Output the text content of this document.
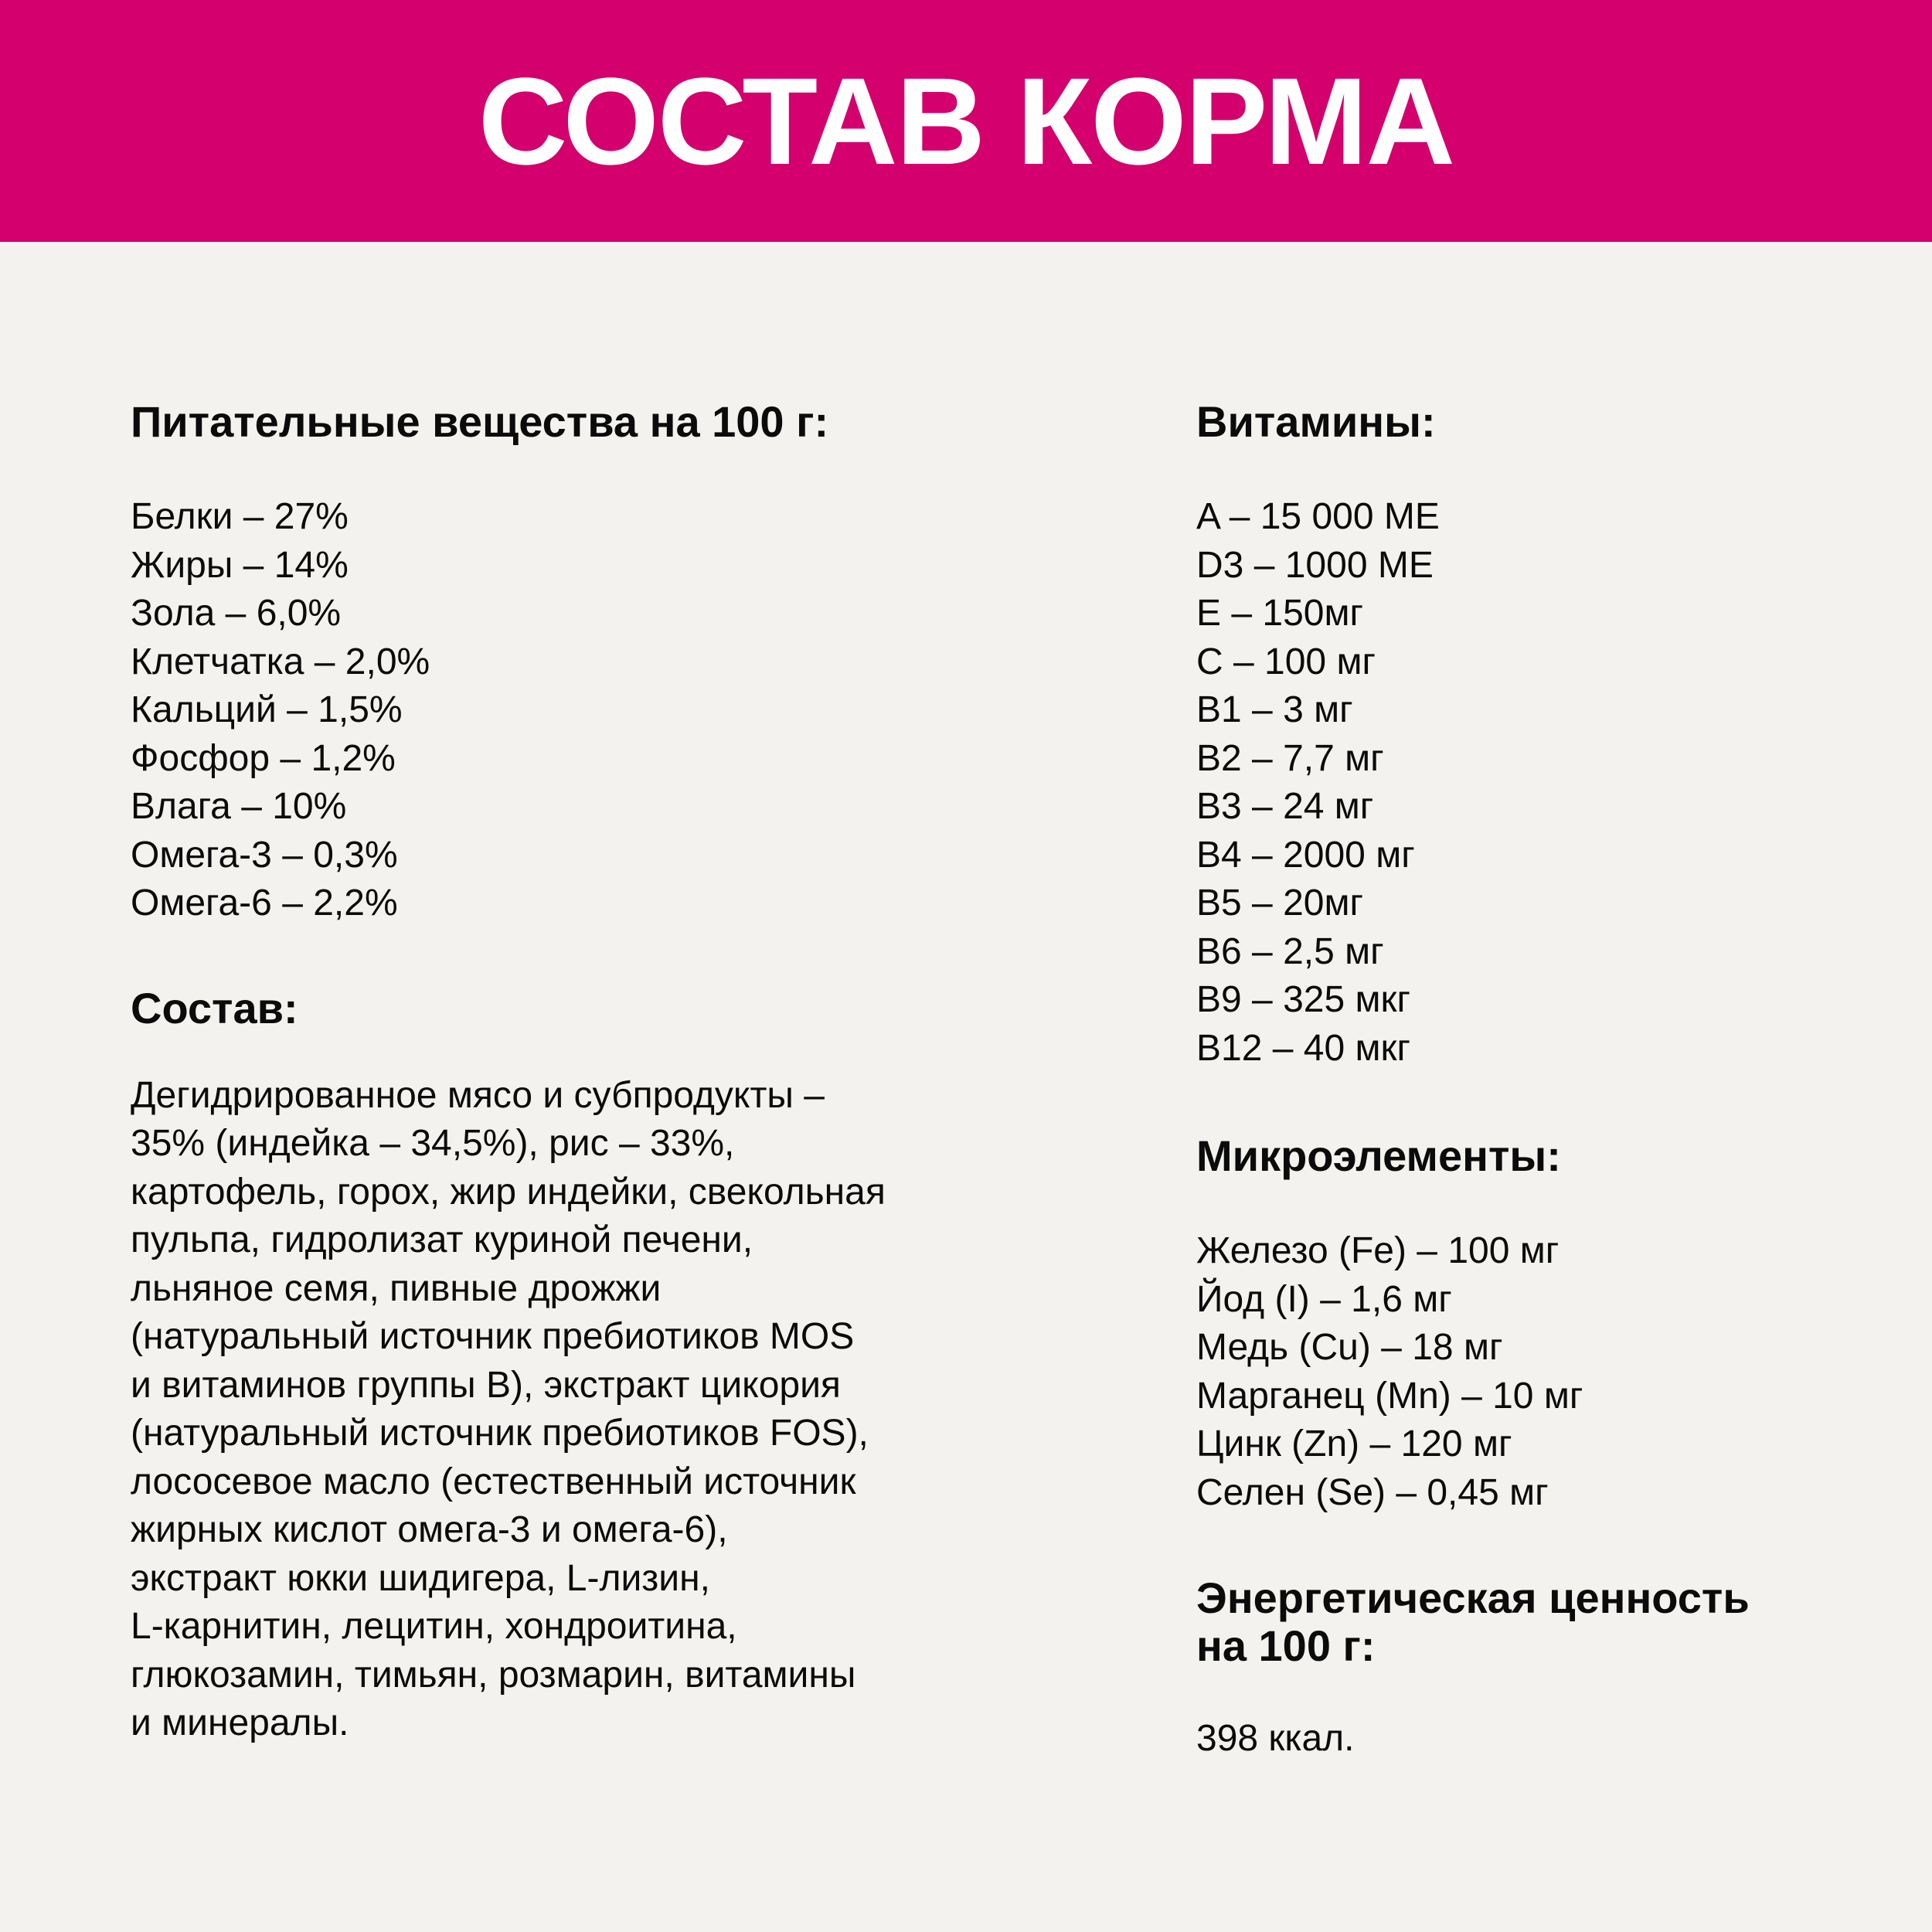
СОСТАВ КОРМА
Питательные вещества на 100 г:
Белки – 27%
Жиры – 14%
Зола – 6,0%
Клетчатка – 2,0%
Кальций – 1,5%
Фосфор – 1,2%
Влага – 10%
Омега-3 – 0,3%
Омега-6 – 2,2%
Состав:

Дегидрированное мясо и субпродукты –
35% (индейка – 34,5%), рис – 33%,
картофель, горох, жир индейки, свекольная
пульпа, гидролизат куриной печени,
льняное семя, пивные дрожжи
(натуральный источник пребиотиков MOS
и витаминов группы B), экстракт цикория
(натуральный источник пребиотиков FOS),
лососевое масло (естественный источник
жирных кислот омега-3 и омега-6),
экстракт юкки шидигера, L-лизин,
L-карнитин, лецитин, хондроитина,
глюкозамин, тимьян, розмарин, витамины
и минералы.

Витамины:
A – 15 000 МЕ
D3 – 1000 МЕ
E – 150мг
C – 100 мг
B1 – 3 мг
B2 – 7,7 мг
B3 – 24 мг
B4 – 2000 мг
B5 – 20мг
B6 – 2,5 мг
B9 – 325 мкг
B12 – 40 мкг
Микроэлементы:
Железо (Fe) – 100 мг
Йод (I) – 1,6 мг
Медь (Cu) – 18 мг
Марганец (Mn) – 10 мг
Цинк (Zn) – 120 мг
Селен (Se) – 0,45 мг
Энергетическая ценность
на 100 г:

398 ккал.
